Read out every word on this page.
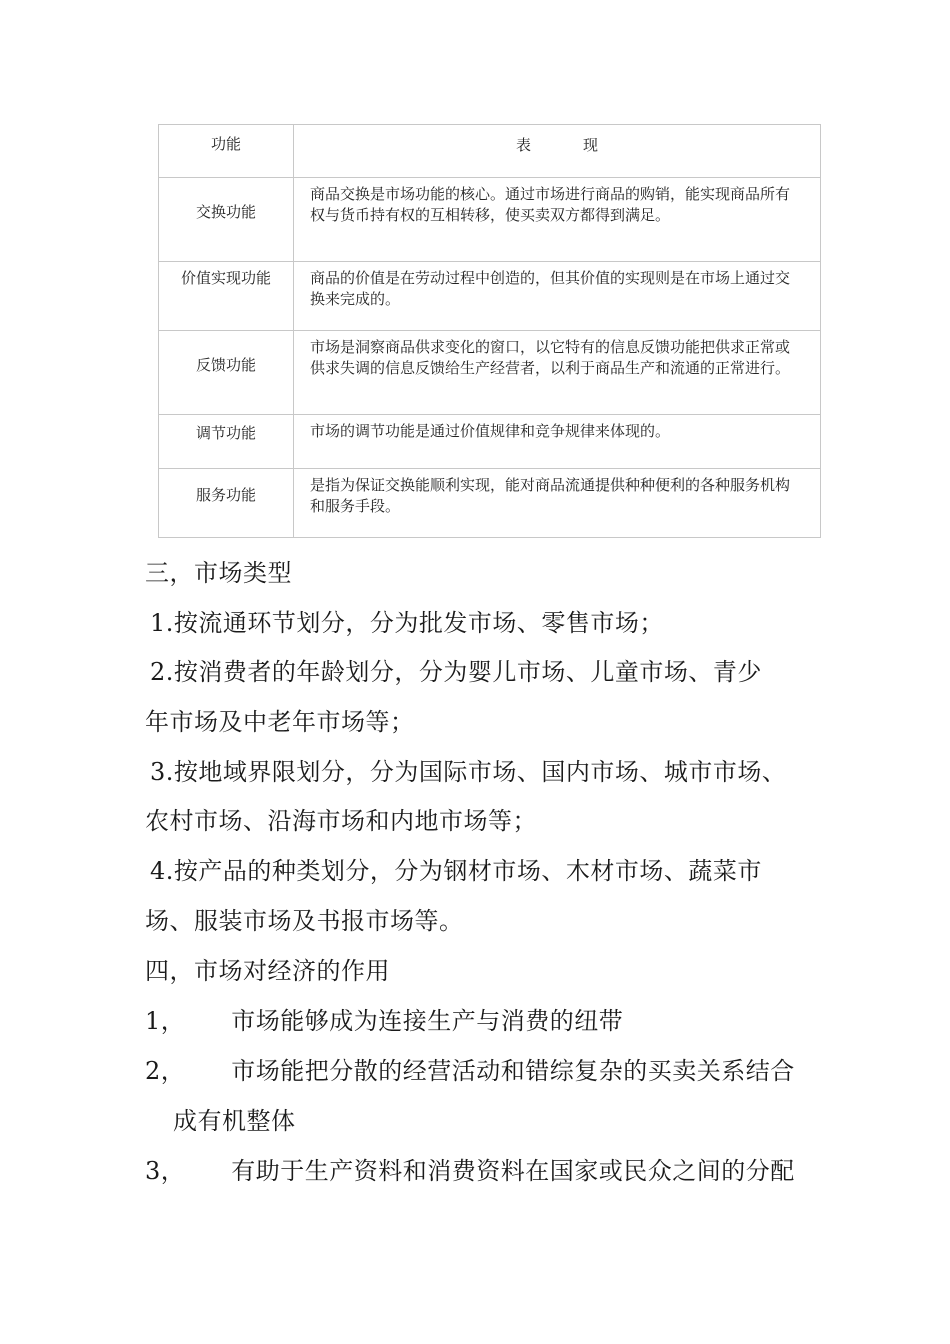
功能	表 现
交换功能	商品交换是市场功能的核心。通过市场进行商品的购销，能实现商品所有权与货币持有权的互相转移，使买卖双方都得到满足。
价值实现功能	商品的价值是在劳动过程中创造的，但其价值的实现则是在市场上通过交换来完成的。
反馈功能	市场是洞察商品供求变化的窗口，以它特有的信息反馈功能把供求正常或供求失调的信息反馈给生产经营者，以利于商品生产和流通的正常进行。
调节功能	市场的调节功能是通过价值规律和竞争规律来体现的。
服务功能	是指为保证交换能顺利实现，能对商品流通提供种种便利的各种服务机构和服务手段。
三，市场类型
1.按流通环节划分，分为批发市场、零售市场；
2.按消费者的年龄划分，分为婴儿市场、儿童市场、青少
年市场及中老年市场等；
3.按地域界限划分，分为国际市场、国内市场、城市市场、
农村市场、沿海市场和内地市场等；
4.按产品的种类划分，分为钢材市场、木材市场、蔬菜市
场、服装市场及书报市场等。
四，市场对经济的作用
1， 市场能够成为连接生产与消费的纽带
2， 市场能把分散的经营活动和错综复杂的买卖关系结合
成有机整体
3， 有助于生产资料和消费资料在国家或民众之间的分配
